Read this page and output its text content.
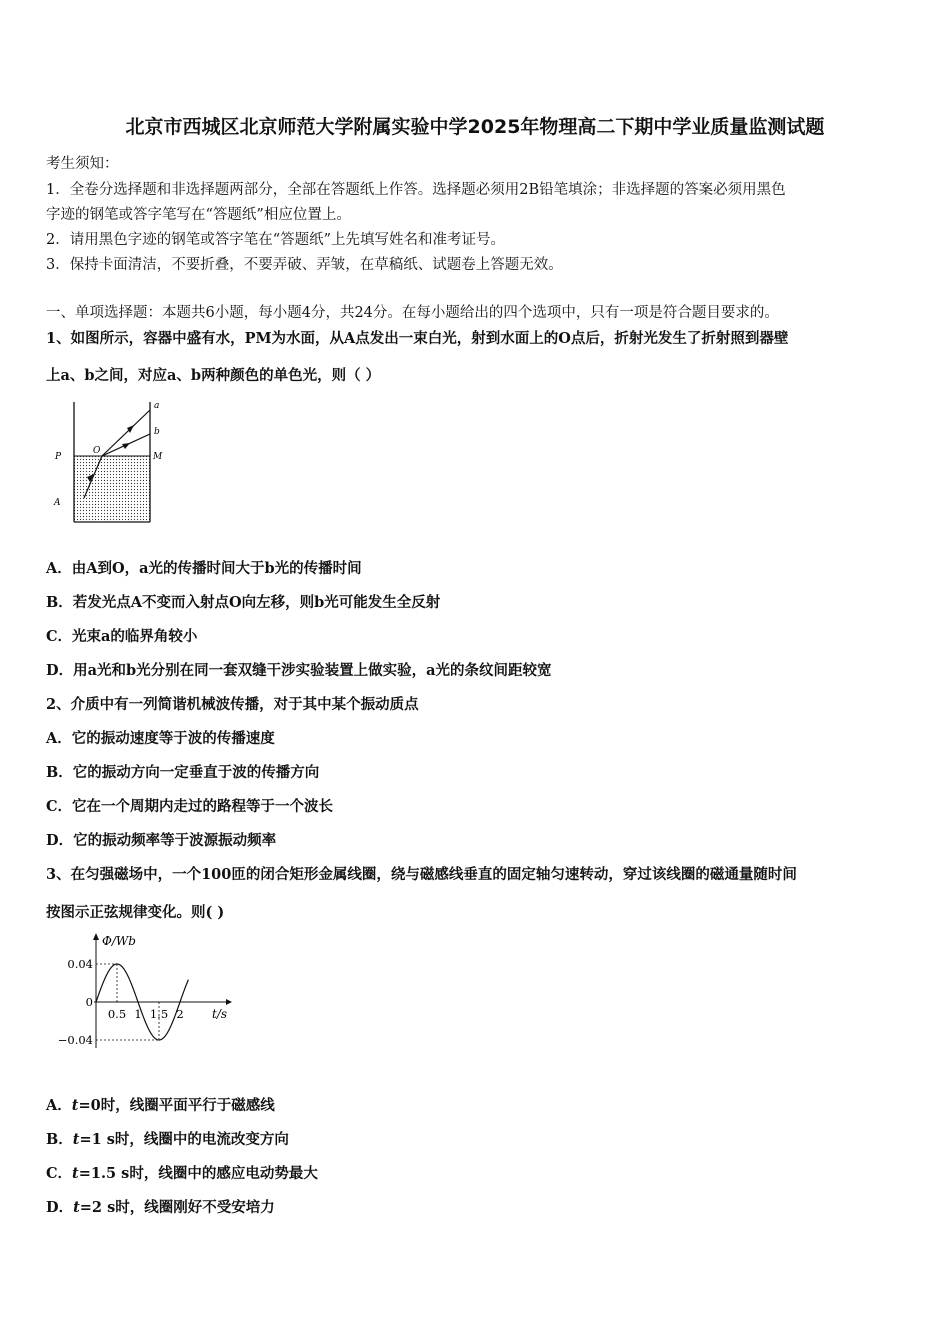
北京市西城区北京师范大学附属实验中学2025年物理高二下期中学业质量监测试题
考生须知：
1．全卷分选择题和非选择题两部分，全部在答题纸上作答。选择题必须用2B铅笔填涂；非选择题的答案必须用黑色
字迹的钢笔或答字笔写在“答题纸”相应位置上。
2．请用黑色字迹的钢笔或答字笔在“答题纸”上先填写姓名和准考证号。
3．保持卡面清洁，不要折叠，不要弄破、弄皱，在草稿纸、试题卷上答题无效。
一、单项选择题：本题共6小题，每小题4分，共24分。在每小题给出的四个选项中，只有一项是符合题目要求的。
1、如图所示，容器中盛有水，PM为水面，从A点发出一束白光，射到水面上的O点后，折射光发生了折射照到器壁
上a、b之间，对应a、b两种颜色的单色光，则（ ）
a
b
P	M
O
A
A．由A到O，a光的传播时间大于b光的传播时间
B．若发光点A不变而入射点O向左移，则b光可能发生全反射
C．光束a的临界角较小
D．用a光和b光分别在同一套双缝干涉实验装置上做实验，a光的条纹间距较宽
2、介质中有一列简谐机械波传播，对于其中某个振动质点
A．它的振动速度等于波的传播速度
B．它的振动方向一定垂直于波的传播方向
C．它在一个周期内走过的路程等于一个波长
D．它的振动频率等于波源振动频率
3、在匀强磁场中，一个100匝的闭合矩形金属线圈，绕与磁感线垂直的固定轴匀速转动，穿过该线圈的磁通量随时间
按图示正弦规律变化。则( )
Φ/Wb
t/s
0.04
0
−0.04
0.5 1 1.5 2
A．t=0时，线圈平面平行于磁感线
B．t=1 s时，线圈中的电流改变方向
C．t=1.5 s时，线圈中的感应电动势最大
D．t=2 s时，线圈刚好不受安培力
